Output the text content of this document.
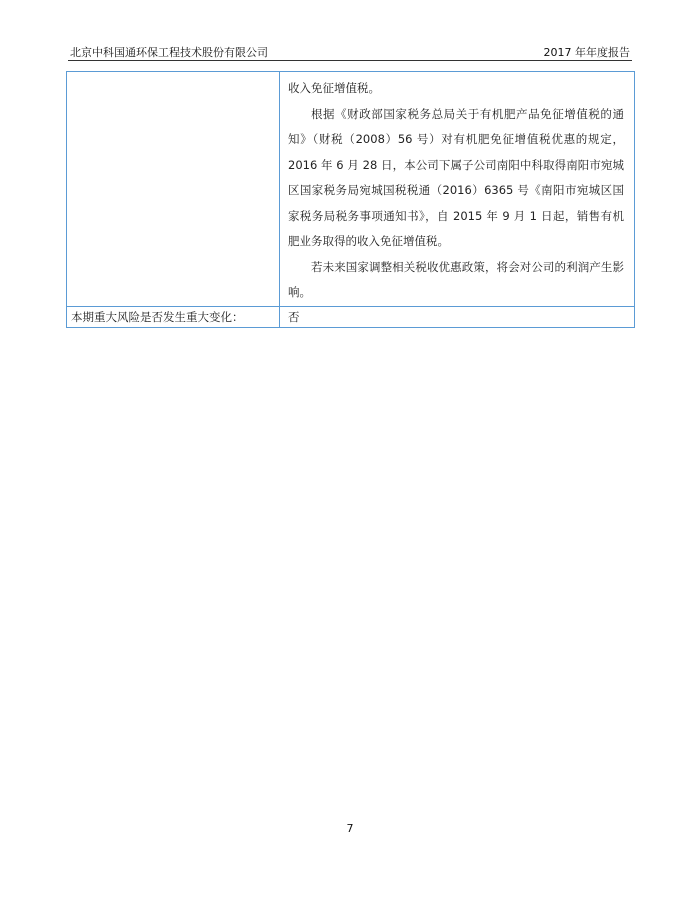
北京中科国通环保工程技术股份有限公司	2017 年年度报告

	收入免征增值税。

根据《财政部国家税务总局关于有机肥产品免征增值税的通知》（财税（2008）56 号）对有机肥免征增值税优惠的规定，2016 年 6 月 28 日，本公司下属子公司南阳中科取得南阳市宛城区国家税务局宛城国税税通（2016）6365 号《南阳市宛城区国家税务局税务事项通知书》，自 2015 年 9 月 1 日起，销售有机肥业务取得的收入免征增值税。

若未来国家调整相关税收优惠政策，将会对公司的利润产生影响。

本期重大风险是否发生重大变化：	否
7
